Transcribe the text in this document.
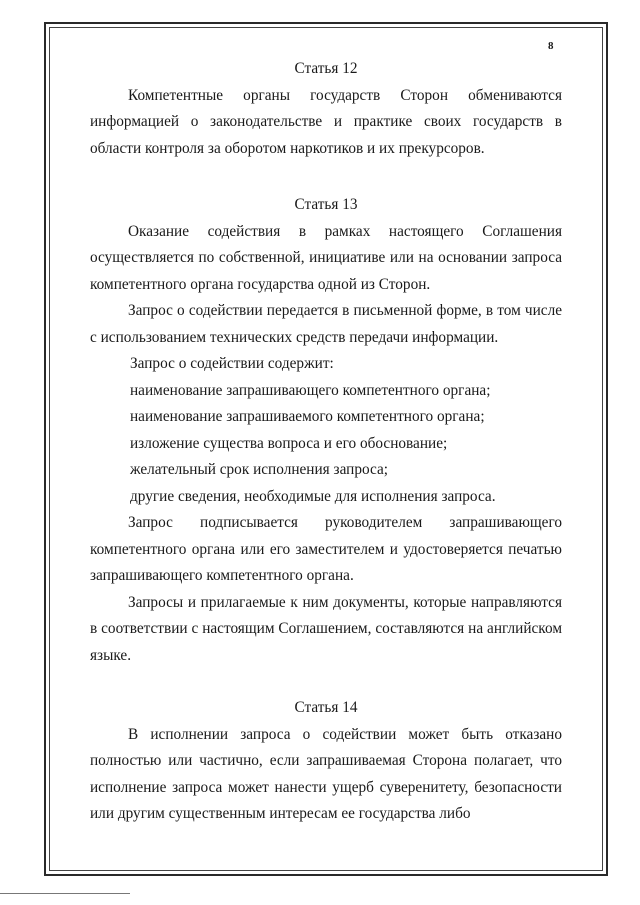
8

Статья 12

Компетентные органы государств Сторон обмениваются информацией о законодательстве и практике своих государств в области контроля за оборотом наркотиков и их прекурсоров.

Статья 13

Оказание содействия в рамках настоящего Соглашения осуществляется по собственной, инициативе или на основании запроса компетентного органа государства одной из Сторон.

Запрос о содействии передается в письменной форме, в том числе с использованием технических средств передачи информации.

Запрос о содействии содержит:

наименование запрашивающего компетентного органа;

наименование запрашиваемого компетентного органа;

изложение существа вопроса и его обоснование;

желательный срок исполнения запроса;

другие сведения, необходимые для исполнения запроса.

Запрос подписывается руководителем запрашивающего компетентного органа или его заместителем и удостоверяется печатью запрашивающего компетентного органа.

Запросы и прилагаемые к ним документы, которые направляются в соответствии с настоящим Соглашением, составляются на английском языке.

Статья 14

В исполнении запроса о содействии может быть отказано полностью или частично, если запрашиваемая Сторона полагает, что исполнение запроса может нанести ущерб суверенитету, безопасности или другим существенным интересам ее государства либо
